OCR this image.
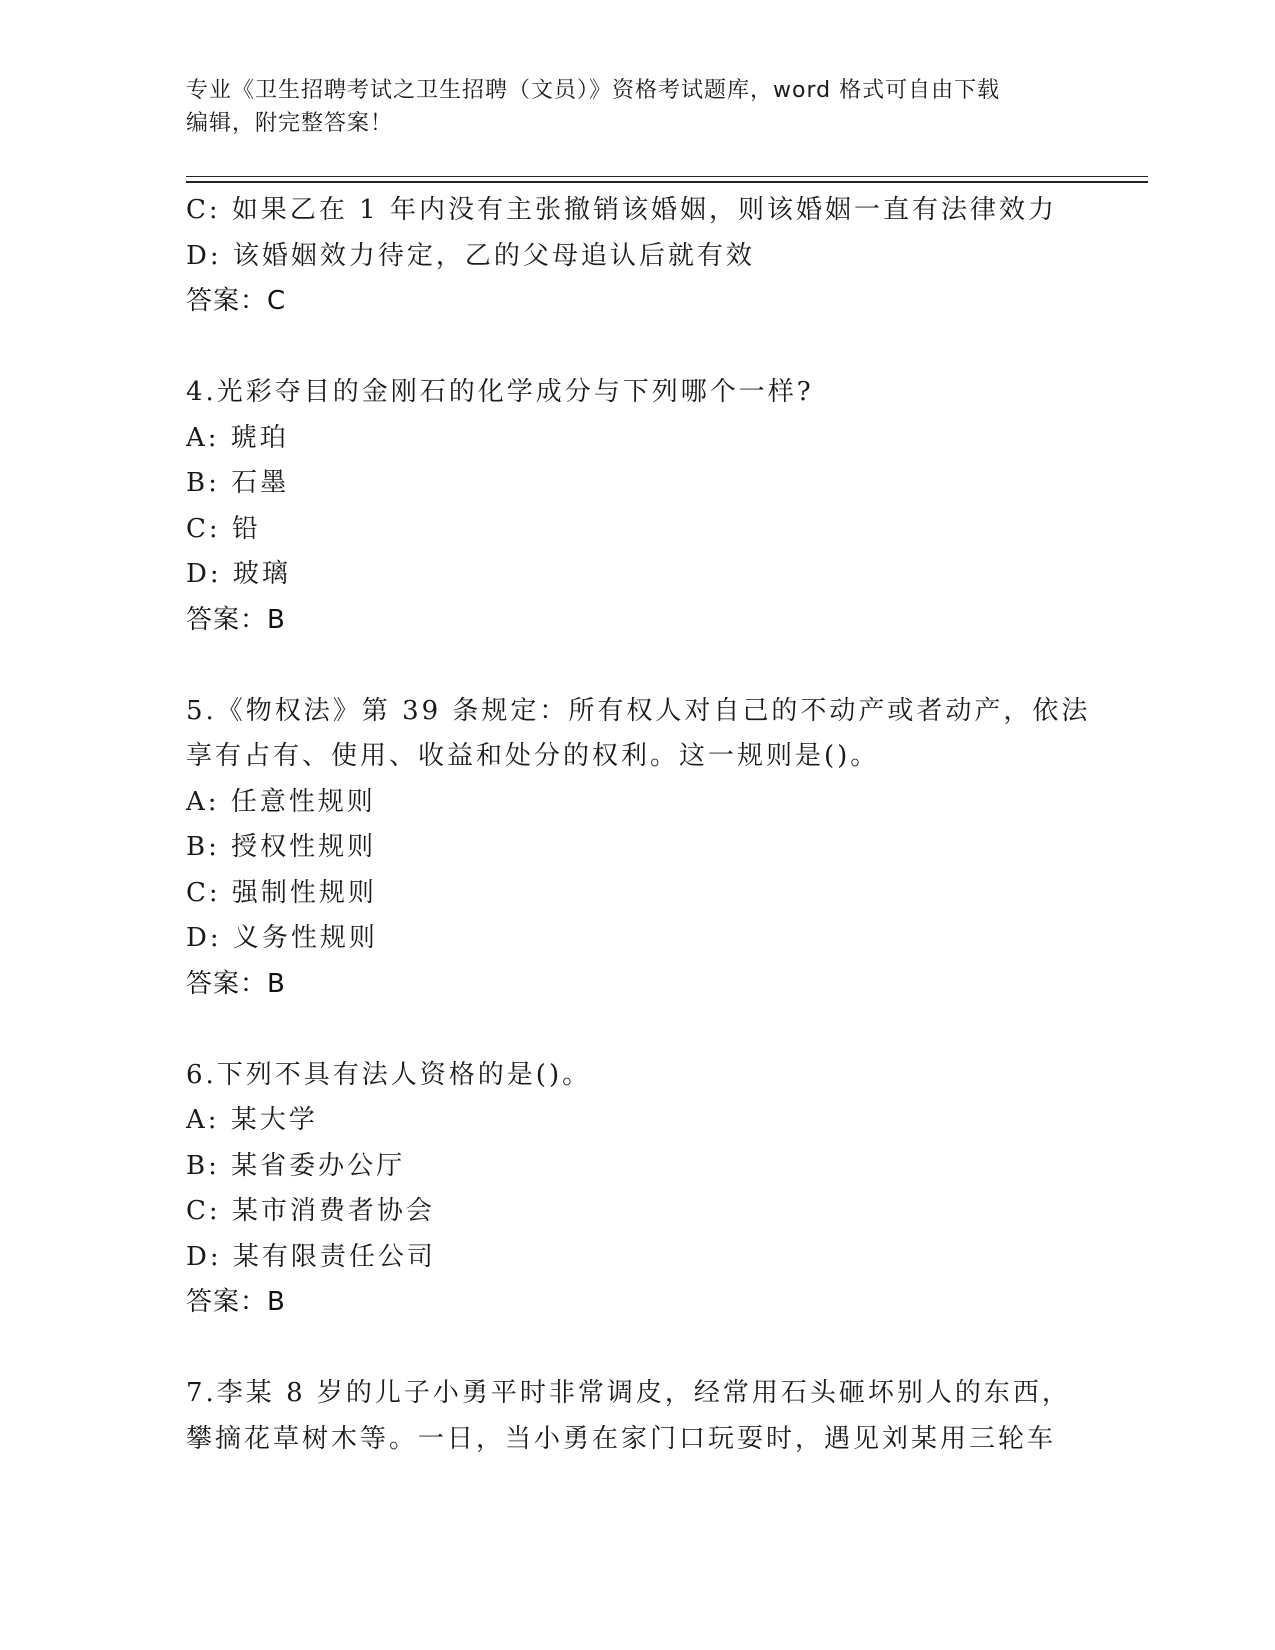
专业《卫生招聘考试之卫生招聘（文员）》资格考试题库，word 格式可自由下载
编辑，附完整答案！
C: 如果乙在 1 年内没有主张撤销该婚姻，则该婚姻一直有法律效力
D: 该婚姻效力待定，乙的父母追认后就有效
答案：C
4.光彩夺目的金刚石的化学成分与下列哪个一样?
A: 琥珀
B: 石墨
C: 铅
D: 玻璃
答案：B
5.《物权法》第 39 条规定：所有权人对自己的不动产或者动产，依法
享有占有、使用、收益和处分的权利。这一规则是()。
A: 任意性规则
B: 授权性规则
C: 强制性规则
D: 义务性规则
答案：B
6.下列不具有法人资格的是()。
A: 某大学
B: 某省委办公厅
C: 某市消费者协会
D: 某有限责任公司
答案：B
7.李某 8 岁的儿子小勇平时非常调皮，经常用石头砸坏别人的东西，
攀摘花草树木等。一日，当小勇在家门口玩耍时，遇见刘某用三轮车
